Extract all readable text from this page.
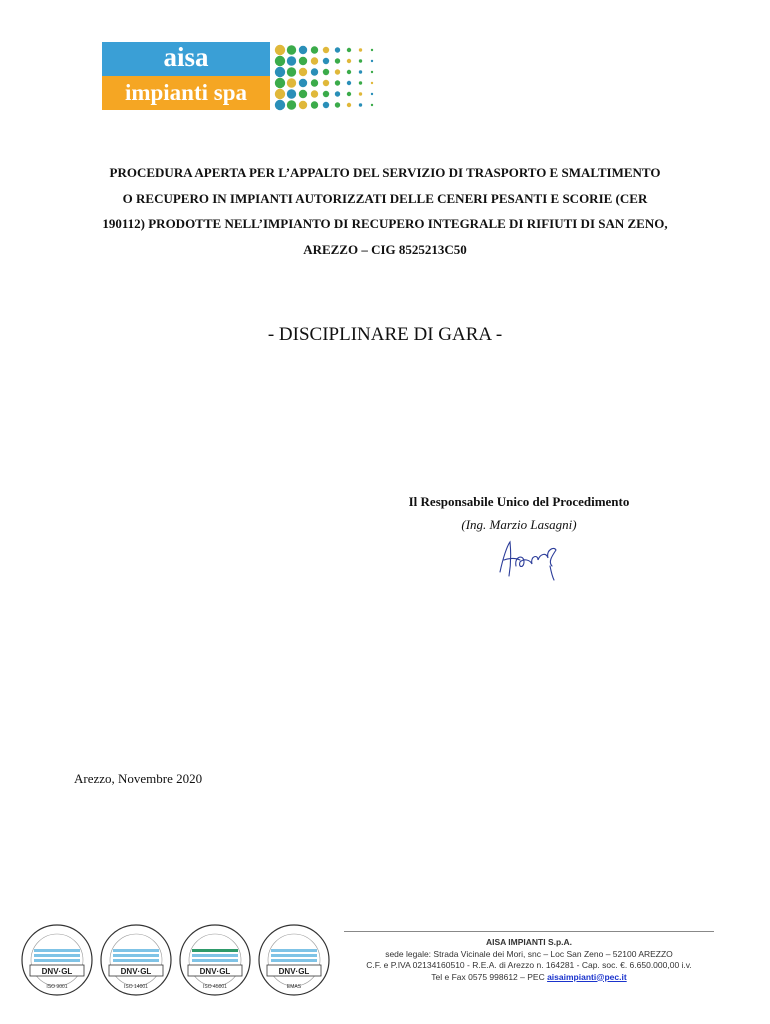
aisa
impianti spa
PROCEDURA APERTA PER L’APPALTO DEL SERVIZIO DI TRASPORTO E SMALTIMENTO
O RECUPERO IN IMPIANTI AUTORIZZATI DELLE CENERI PESANTI E SCORIE (CER
190112) PRODOTTE NELL’IMPIANTO DI RECUPERO INTEGRALE DI RIFIUTI DI SAN ZENO,
AREZZO – CIG 8525213C50
- DISCIPLINARE DI GARA -
Il Responsabile Unico del Procedimento
(Ing. Marzio Lasagni)
Arezzo, Novembre 2020
DNV·GL
ISO 9001
DNV·GL
ISO 14001
DNV·GL
ISO 45001
DNV·GL
EMAS
AISA IMPIANTI S.p.A.
sede legale: Strada Vicinale dei Mori, snc – Loc San Zeno – 52100 AREZZO
C.F. e P.IVA 02134160510 - R.E.A. di Arezzo n. 164281 - Cap. soc. €. 6.650.000,00 i.v.
Tel e Fax 0575 998612 – PEC aisaimpianti@pec.it
